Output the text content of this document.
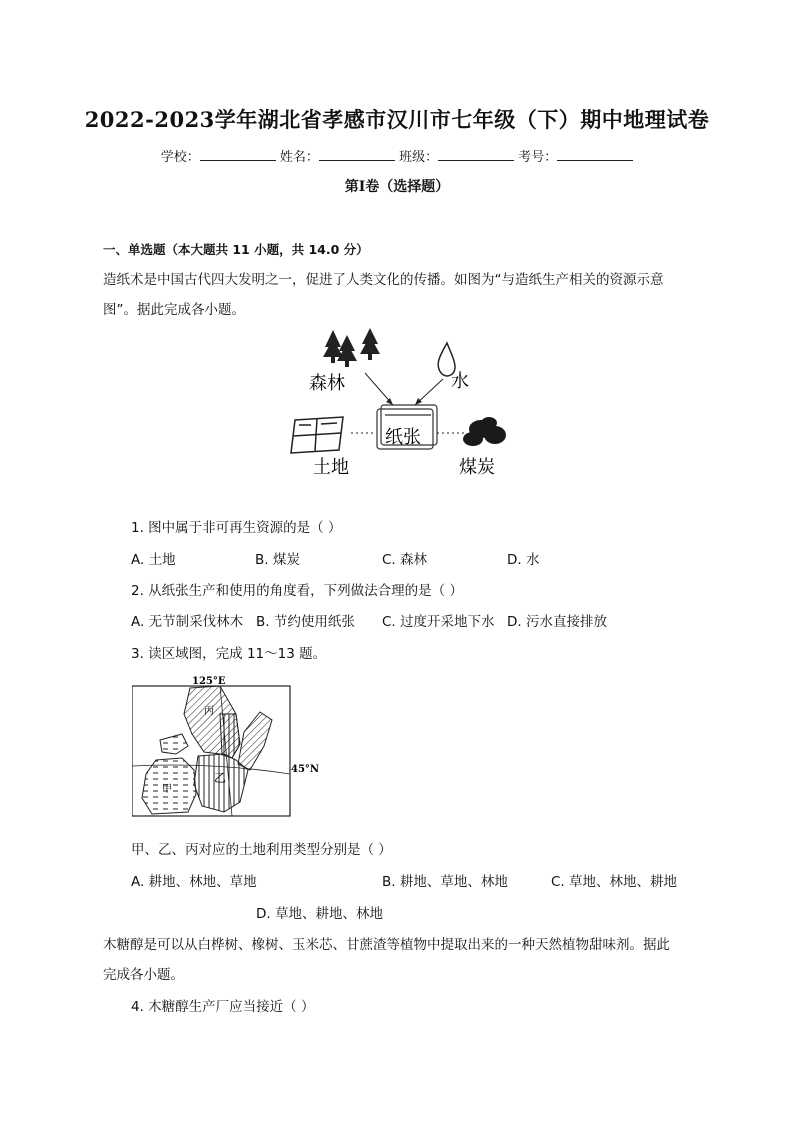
2022-2023学年湖北省孝感市汉川市七年级（下）期中地理试卷
学校：	姓名：	班级：	考号：
第Ⅰ卷（选择题）
一、单选题（本大题共 11 小题，共 14.0 分）
造纸术是中国古代四大发明之一，促进了人类文化的传播。如图为“与造纸生产相关的资源示意
图”。据此完成各小题。
森林	水
纸张
土地	煤炭
1. 图中属于非可再生资源的是（ ）
A. 土地	B. 煤炭	C. 森林	D. 水
2. 从纸张生产和使用的角度看，下列做法合理的是（ ）
A. 无节制采伐林木 B. 节约使用纸张 C. 过度开采地下水 D. 污水直接排放
3. 读区域图，完成 11～13 题。
125°E
45°N
丙
乙
甲
甲、乙、丙对应的土地利用类型分别是（ ）
A. 耕地、林地、草地	B. 耕地、草地、林地	C. 草地、林地、耕地
D. 草地、耕地、林地
木糖醇是可以从白桦树、橡树、玉米芯、甘蔗渣等植物中提取出来的一种天然植物甜味剂。据此
完成各小题。
4. 木糖醇生产厂应当接近（ ）
